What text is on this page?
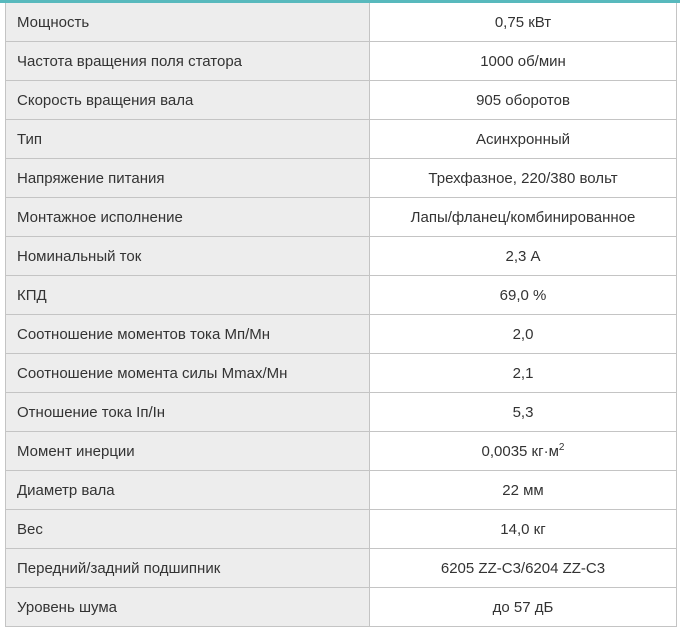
Мощность	0,75 кВт
Частота вращения поля статора	1000 об/мин
Скорость вращения вала	905 оборотов
Тип	Асинхронный
Напряжение питания	Трехфазное, 220/380 вольт
Монтажное исполнение	Лапы/фланец/комбинированное
Номинальный ток	2,3 А
КПД	69,0 %
Соотношение моментов тока Мп/Мн	2,0
Соотношение момента силы Mmax/Mн	2,1
Отношение тока Iп/Iн	5,3
Момент инерции	0,0035 $кг\cdot м^2$
Диаметр вала	22 мм
Вес	14,0 кг
Передний/задний подшипник	6205 ZZ-C3/6204 ZZ-C3
Уровень шума	до 57 дБ
